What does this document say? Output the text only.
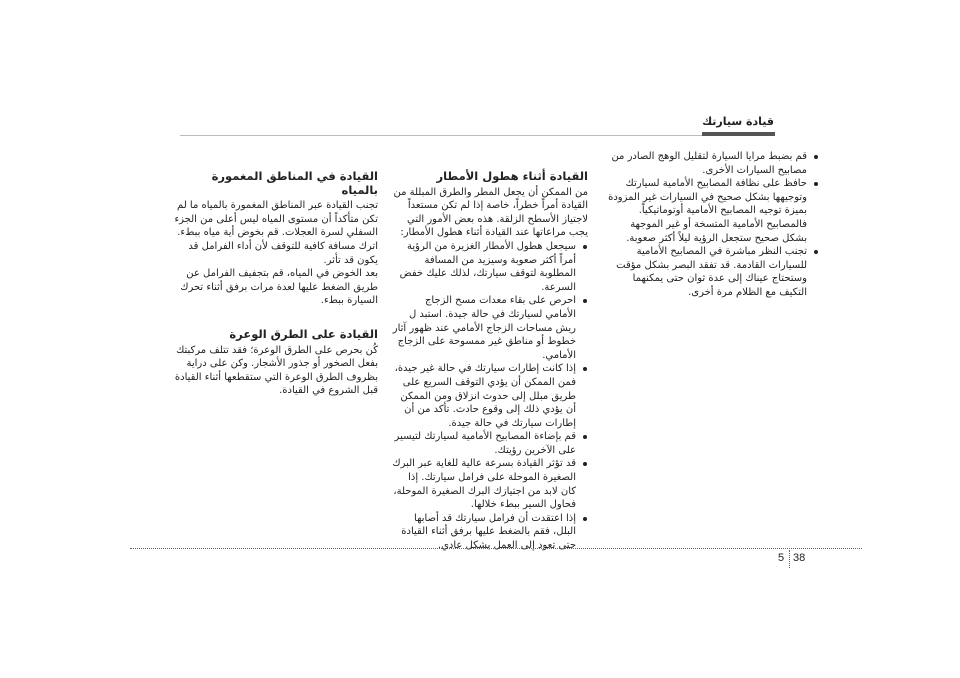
قيادة سيارتك
قم بضبط مرايا السيارة لتقليل الوهج الصادر من مصابيح السيارات الأخرى.
حافظ على نظافة المصابيح الأمامية لسيارتك وتوجيهها بشكل صحيح في السيارات غير المزودة بميزة توجيه المصابيح الأمامية أوتوماتيكياً. فالمصابيح الأمامية المتسخة أو غير الموجهة بشكل صحيح ستجعل الرؤية ليلاً أكثر صعوبة.
تجنب النظر مباشرة في المصابيح الأمامية للسيارات القادمة. قد تفقد البصر بشكل مؤقت وستحتاج عيناك إلى عدة ثوان حتى يمكنهما التكيف مع الظلام مرة أخرى.
القيادة أثناء هطول الأمطار

من الممكن أن يجعل المطر والطرق المبللة من القيادة أمراً خطراً، خاصة إذا لم تكن مستعداً لاجتياز الأسطح الزلقة. هذه بعض الأمور التي يجب مراعاتها عند القيادة أثناء هطول الأمطار:

سيجعل هطول الأمطار الغزيرة من الرؤية أمراً أكثر صعوبة وسيزيد من المسافة المطلوبة لتوقف سيارتك، لذلك عليك خفض السرعة.
احرص على بقاء معدات مسح الزجاج الأمامي لسيارتك في حالة جيدة. استبد ل ريش مساحات الزجاج الأمامي عند ظهور آثار خطوط أو مناطق غير ممسوحة على الزجاج الأمامي.
إذا كانت إطارات سيارتك في حالة غير جيدة، فمن الممكن أن يؤدي التوقف السريع على طريق مبلل إلى حدوث انزلاق ومن الممكن أن يؤدي ذلك إلى وقوع حادث. تأكد من أن إطارات سيارتك في حالة جيدة.
قم بإضاءة المصابيح الأمامية لسيارتك لتيسير على الآخرين رؤيتك.
قد تؤثر القيادة بسرعة عالية للغاية عبر البرك الصغيرة الموحلة على فرامل سيارتك. إذا كان لابد من اجتيازك البرك الصغيرة الموحلة، فحاول السير ببطء خلالها.
إذا اعتقدت أن فرامل سيارتك قد أصابها البلل، فقم بالضغط عليها برفق أثناء القيادة حتى تعود إلى العمل بشكل عادي.
القيادة في المناطق المغمورة بالمياه

تجنب القيادة عبر المناطق المغمورة بالمياه ما لم تكن متأكداً أن مستوى المياه ليس أعلى من الجزء السفلي لسرة العجلات. قم بخوض أية مياه ببطء. اترك مسافة كافية للتوقف لأن أداء الفرامل قد يكون قد تأثر.

بعد الخوض في المياه، قم بتجفيف الفرامل عن طريق الضغط عليها لعدة مرات برفق أثناء تحرك السيارة ببطء.

القيادة على الطرق الوعرة

كُن بحرص على الطرق الوعرة؛ فقد تتلف مركبتك بفعل الصخور أو جذور الأشجار. وكن على دراية بظروف الطرق الوعرة التي ستقطعها أثناء القيادة قبل الشروع في القيادة.

5 38
